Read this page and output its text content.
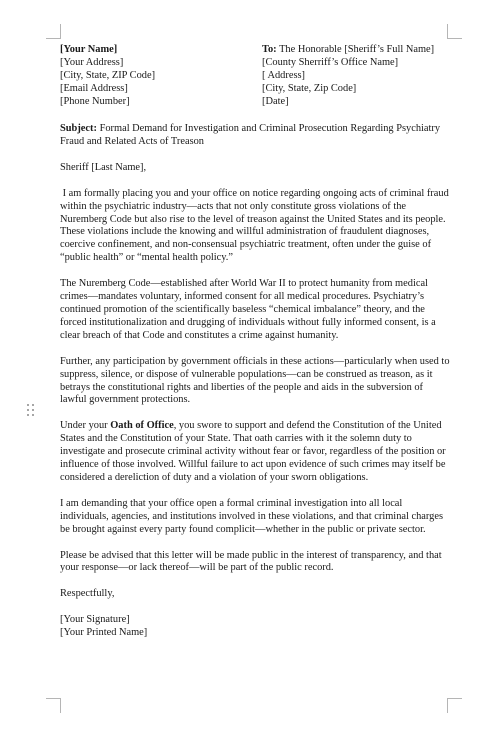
[Your Name]
[Your Address]
[City, State, ZIP Code]
[Email Address]
[Phone Number]
To: The Honorable [Sheriff’s Full Name]
[County Sherriff’s Office Name]
[ Address]
[City, State, Zip Code]
[Date]

Subject: Formal Demand for Investigation and Criminal Prosecution Regarding Psychiatry Fraud and Related Acts of Treason

Sheriff [Last Name],

I am formally placing you and your office on notice regarding ongoing acts of criminal fraud within the psychiatric industry—acts that not only constitute gross violations of the Nuremberg Code but also rise to the level of treason against the United States and its people. These violations include the knowing and willful administration of fraudulent diagnoses, coercive confinement, and non-consensual psychiatric treatment, often under the guise of “public health” or “mental health policy.”

The Nuremberg Code—established after World War II to protect humanity from medical crimes—mandates voluntary, informed consent for all medical procedures. Psychiatry’s continued promotion of the scientifically baseless “chemical imbalance” theory, and the forced institutionalization and drugging of individuals without fully informed consent, is a clear breach of that Code and constitutes a crime against humanity.

Further, any participation by government officials in these actions—particularly when used to suppress, silence, or dispose of vulnerable populations—can be construed as treason, as it betrays the constitutional rights and liberties of the people and aids in the subversion of lawful government protections.

Under your Oath of Office, you swore to support and defend the Constitution of the United States and the Constitution of your State. That oath carries with it the solemn duty to investigate and prosecute criminal activity without fear or favor, regardless of the position or influence of those involved. Willful failure to act upon evidence of such crimes may itself be considered a dereliction of duty and a violation of your sworn obligations.

I am demanding that your office open a formal criminal investigation into all local individuals, agencies, and institutions involved in these violations, and that criminal charges be brought against every party found complicit—whether in the public or private sector.

Please be advised that this letter will be made public in the interest of transparency, and that your response—or lack thereof—will be part of the public record.

Respectfully,

[Your Signature]
[Your Printed Name]
